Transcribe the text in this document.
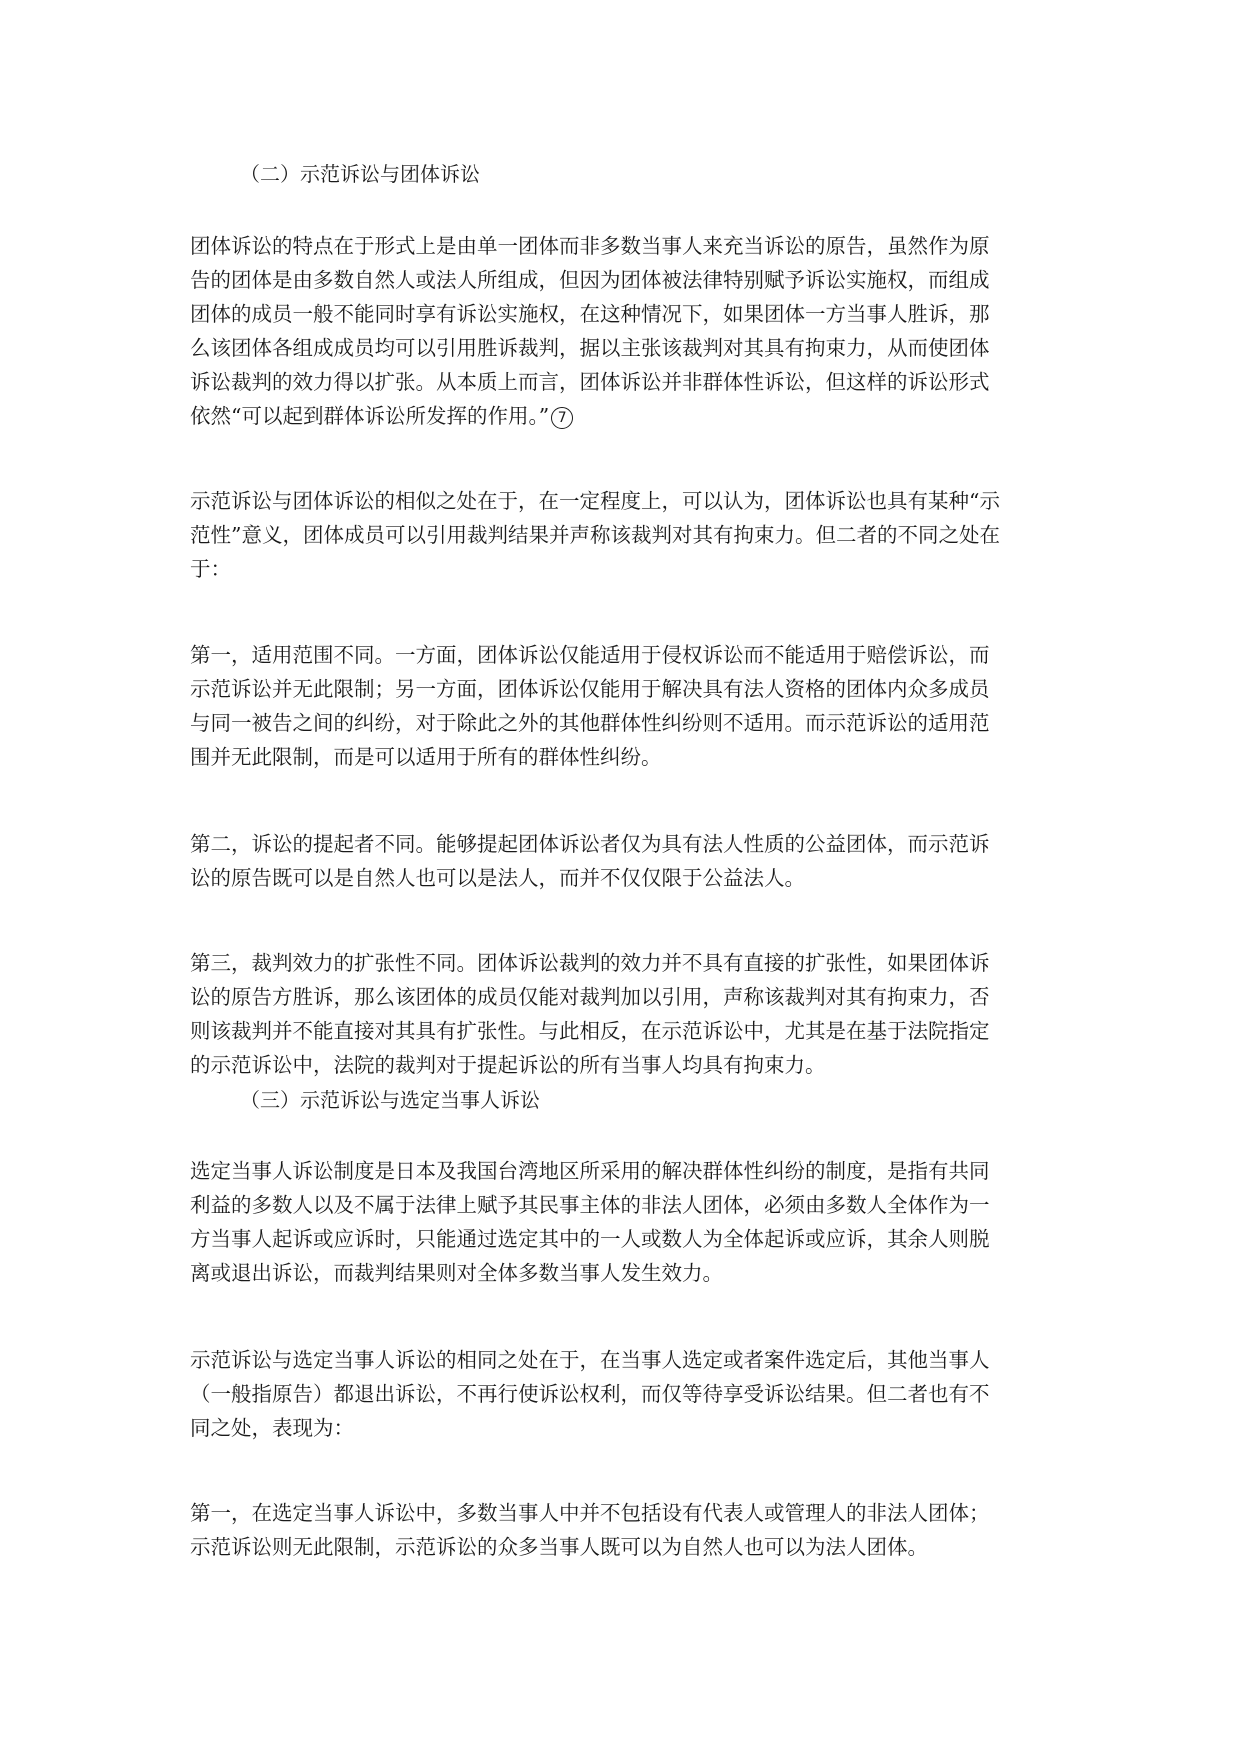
（二）示范诉讼与团体诉讼
团体诉讼的特点在于形式上是由单一团体而非多数当事人来充当诉讼的原告，虽然作为原
告的团体是由多数自然人或法人所组成，但因为团体被法律特别赋予诉讼实施权，而组成
团体的成员一般不能同时享有诉讼实施权，在这种情况下，如果团体一方当事人胜诉，那
么该团体各组成成员均可以引用胜诉裁判，据以主张该裁判对其具有拘束力，从而使团体
诉讼裁判的效力得以扩张。从本质上而言，团体诉讼并非群体性诉讼，但这样的诉讼形式
依然“可以起到群体诉讼所发挥的作用。” 7
示范诉讼与团体诉讼的相似之处在于，在一定程度上，可以认为，团体诉讼也具有某种“示
范性”意义，团体成员可以引用裁判结果并声称该裁判对其有拘束力。但二者的不同之处在
于：
第一，适用范围不同。一方面，团体诉讼仅能适用于侵权诉讼而不能适用于赔偿诉讼，而
示范诉讼并无此限制；另一方面，团体诉讼仅能用于解决具有法人资格的团体内众多成员
与同一被告之间的纠纷，对于除此之外的其他群体性纠纷则不适用。而示范诉讼的适用范
围并无此限制，而是可以适用于所有的群体性纠纷。
第二，诉讼的提起者不同。能够提起团体诉讼者仅为具有法人性质的公益团体，而示范诉
讼的原告既可以是自然人也可以是法人，而并不仅仅限于公益法人。
第三，裁判效力的扩张性不同。团体诉讼裁判的效力并不具有直接的扩张性，如果团体诉
讼的原告方胜诉，那么该团体的成员仅能对裁判加以引用，声称该裁判对其有拘束力，否
则该裁判并不能直接对其具有扩张性。与此相反，在示范诉讼中，尤其是在基于法院指定
的示范诉讼中，法院的裁判对于提起诉讼的所有当事人均具有拘束力。
（三）示范诉讼与选定当事人诉讼
选定当事人诉讼制度是日本及我国台湾地区所采用的解决群体性纠纷的制度，是指有共同
利益的多数人以及不属于法律上赋予其民事主体的非法人团体，必须由多数人全体作为一
方当事人起诉或应诉时，只能通过选定其中的一人或数人为全体起诉或应诉，其余人则脱
离或退出诉讼，而裁判结果则对全体多数当事人发生效力。
示范诉讼与选定当事人诉讼的相同之处在于，在当事人选定或者案件选定后，其他当事人
（一般指原告）都退出诉讼，不再行使诉讼权利，而仅等待享受诉讼结果。但二者也有不
同之处，表现为：
第一，在选定当事人诉讼中，多数当事人中并不包括设有代表人或管理人的非法人团体；
示范诉讼则无此限制，示范诉讼的众多当事人既可以为自然人也可以为法人团体。
